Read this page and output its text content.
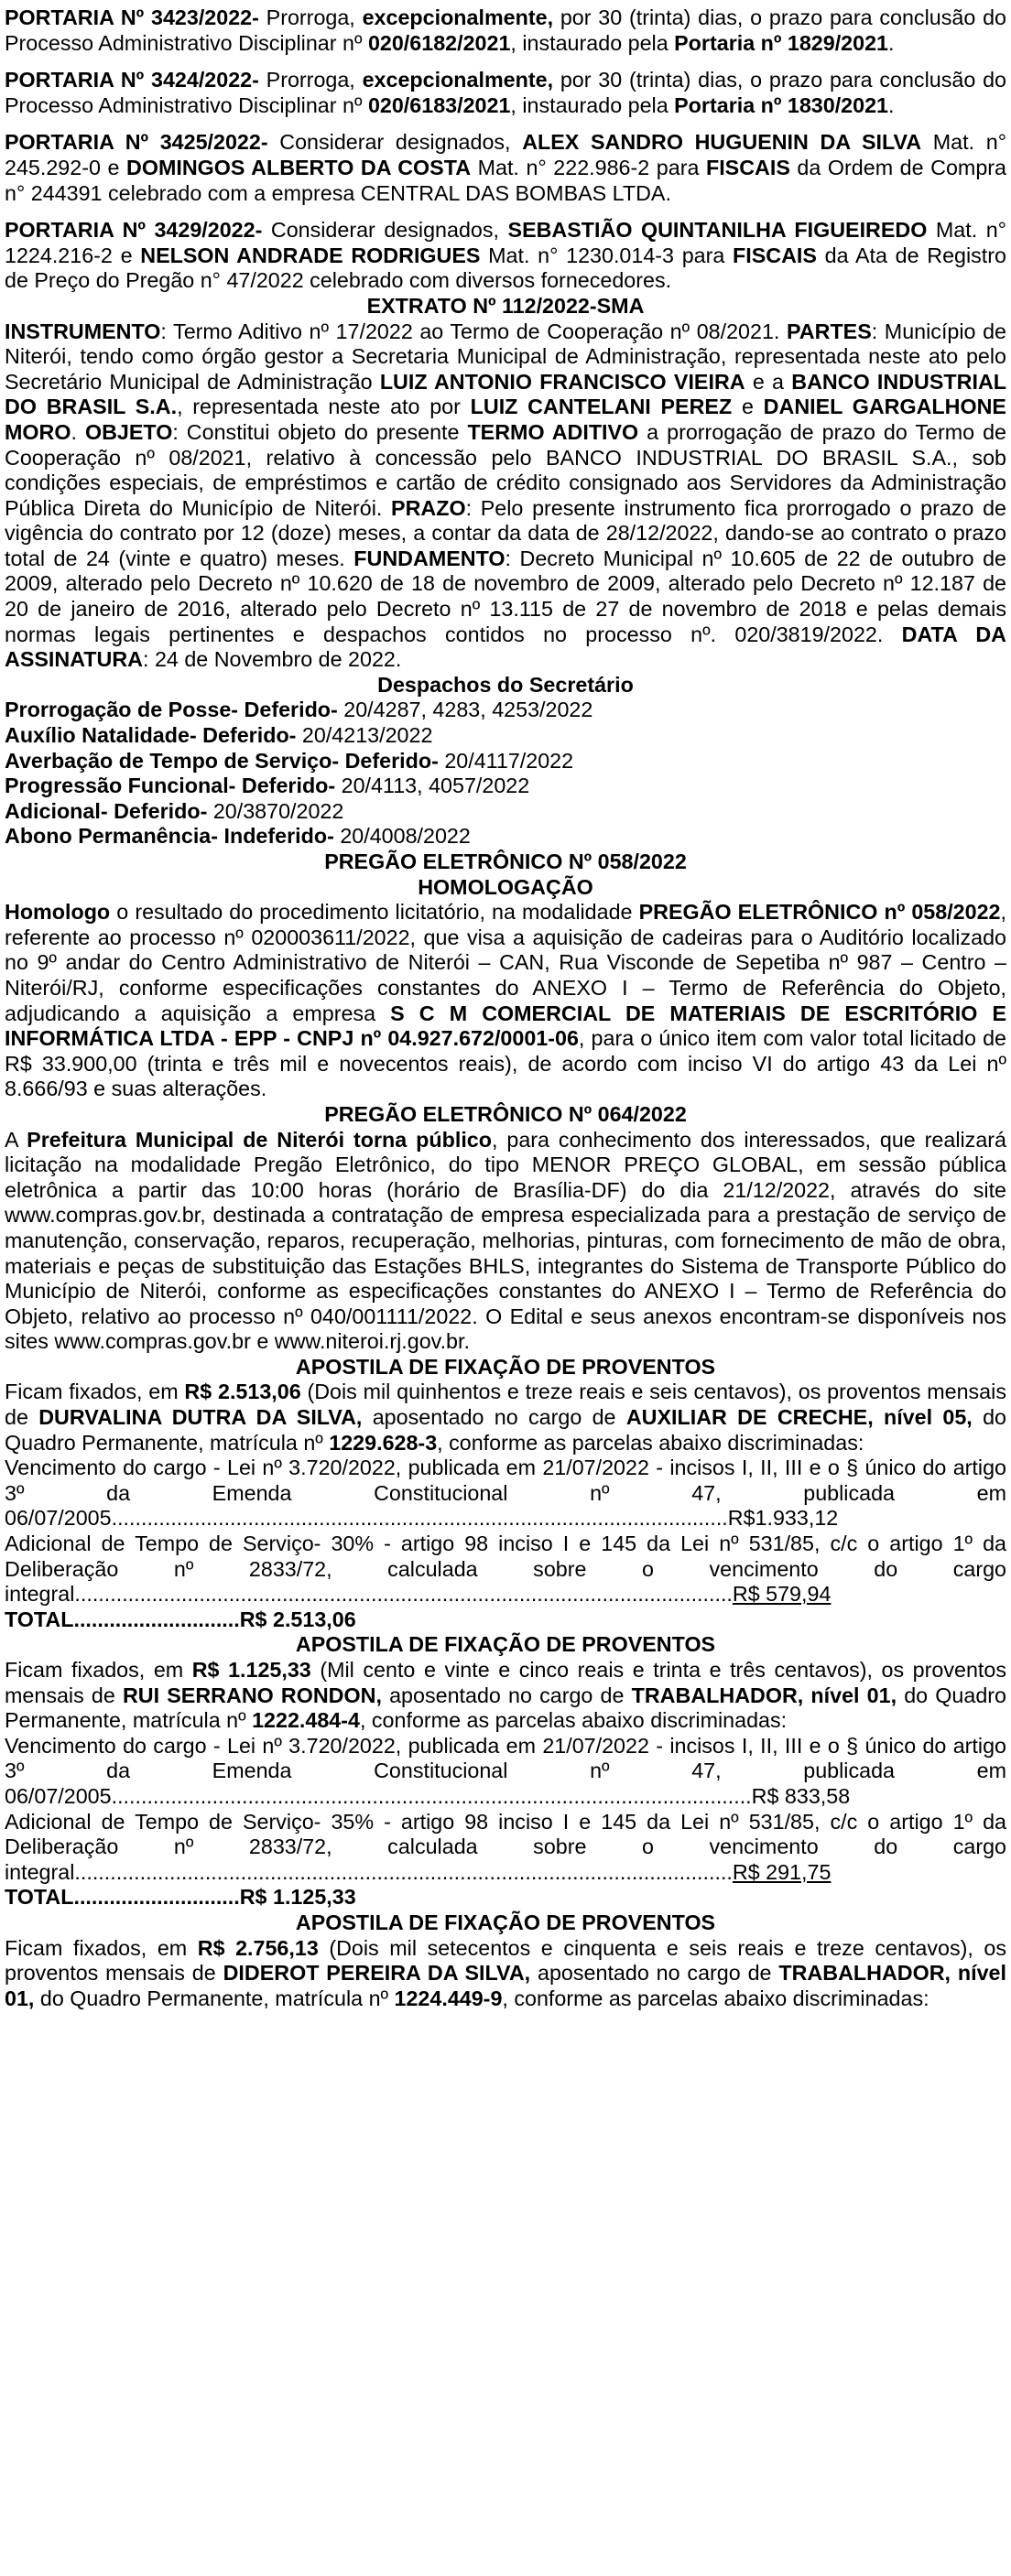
PORTARIA Nº 3423/2022- Prorroga, excepcionalmente, por 30 (trinta) dias, o prazo para conclusão do Processo Administrativo Disciplinar nº 020/6182/2021, instaurado pela Portaria nº 1829/2021.

PORTARIA Nº 3424/2022- Prorroga, excepcionalmente, por 30 (trinta) dias, o prazo para conclusão do Processo Administrativo Disciplinar nº 020/6183/2021, instaurado pela Portaria nº 1830/2021.

PORTARIA Nº 3425/2022- Considerar designados, ALEX SANDRO HUGUENIN DA SILVA Mat. n° 245.292-0 e DOMINGOS ALBERTO DA COSTA Mat. n° 222.986-2 para FISCAIS da Ordem de Compra n° 244391 celebrado com a empresa CENTRAL DAS BOMBAS LTDA.

PORTARIA Nº 3429/2022- Considerar designados, SEBASTIÃO QUINTANILHA FIGUEIREDO Mat. n° 1224.216-2 e NELSON ANDRADE RODRIGUES Mat. n° 1230.014-3 para FISCAIS da Ata de Registro de Preço do Pregão n° 47/2022 celebrado com diversos fornecedores.

EXTRATO Nº 112/2022-SMA

INSTRUMENTO: Termo Aditivo nº 17/2022 ao Termo de Cooperação nº 08/2021. PARTES: Município de Niterói, tendo como órgão gestor a Secretaria Municipal de Administração, representada neste ato pelo Secretário Municipal de Administração LUIZ ANTONIO FRANCISCO VIEIRA e a BANCO INDUSTRIAL DO BRASIL S.A., representada neste ato por LUIZ CANTELANI PEREZ e DANIEL GARGALHONE MORO. OBJETO: Constitui objeto do presente TERMO ADITIVO a prorrogação de prazo do Termo de Cooperação nº 08/2021, relativo à concessão pelo BANCO INDUSTRIAL DO BRASIL S.A., sob condições especiais, de empréstimos e cartão de crédito consignado aos Servidores da Administração Pública Direta do Município de Niterói. PRAZO: Pelo presente instrumento fica prorrogado o prazo de vigência do contrato por 12 (doze) meses, a contar da data de 28/12/2022, dando-se ao contrato o prazo total de 24 (vinte e quatro) meses. FUNDAMENTO: Decreto Municipal nº 10.605 de 22 de outubro de 2009, alterado pelo Decreto nº 10.620 de 18 de novembro de 2009, alterado pelo Decreto nº 12.187 de 20 de janeiro de 2016, alterado pelo Decreto nº 13.115 de 27 de novembro de 2018 e pelas demais normas legais pertinentes e despachos contidos no processo nº. 020/3819/2022. DATA DA ASSINATURA: 24 de Novembro de 2022.

Despachos do Secretário

Prorrogação de Posse- Deferido- 20/4287, 4283, 4253/2022

Auxílio Natalidade- Deferido- 20/4213/2022

Averbação de Tempo de Serviço- Deferido- 20/4117/2022

Progressão Funcional- Deferido- 20/4113, 4057/2022

Adicional- Deferido- 20/3870/2022

Abono Permanência- Indeferido- 20/4008/2022

PREGÃO ELETRÔNICO Nº 058/2022

HOMOLOGAÇÃO

Homologo o resultado do procedimento licitatório, na modalidade PREGÃO ELETRÔNICO nº 058/2022, referente ao processo nº 020003611/2022, que visa a aquisição de cadeiras para o Auditório localizado no 9º andar do Centro Administrativo de Niterói – CAN, Rua Visconde de Sepetiba nº 987 – Centro – Niterói/RJ, conforme especificações constantes do ANEXO I – Termo de Referência do Objeto, adjudicando a aquisição a empresa S C M COMERCIAL DE MATERIAIS DE ESCRITÓRIO E INFORMÁTICA LTDA - EPP - CNPJ nº 04.927.672/0001-06, para o único item com valor total licitado de R$ 33.900,00 (trinta e três mil e novecentos reais), de acordo com inciso VI do artigo 43 da Lei nº 8.666/93 e suas alterações.

PREGÃO ELETRÔNICO Nº 064/2022

A Prefeitura Municipal de Niterói torna público, para conhecimento dos interessados, que realizará licitação na modalidade Pregão Eletrônico, do tipo MENOR PREÇO GLOBAL, em sessão pública eletrônica a partir das 10:00 horas (horário de Brasília-DF) do dia 21/12/2022, através do site www.compras.gov.br, destinada a contratação de empresa especializada para a prestação de serviço de manutenção, conservação, reparos, recuperação, melhorias, pinturas, com fornecimento de mão de obra, materiais e peças de substituição das Estações BHLS, integrantes do Sistema de Transporte Público do Município de Niterói, conforme as especificações constantes do ANEXO I – Termo de Referência do Objeto, relativo ao processo nº 040/001111/2022. O Edital e seus anexos encontram-se disponíveis nos sites www.compras.gov.br e www.niteroi.rj.gov.br.

APOSTILA DE FIXAÇÃO DE PROVENTOS

Ficam fixados, em R$ 2.513,06 (Dois mil quinhentos e treze reais e seis centavos), os proventos mensais de DURVALINA DUTRA DA SILVA, aposentado no cargo de AUXILIAR DE CRECHE, nível 05, do Quadro Permanente, matrícula nº 1229.628-3, conforme as parcelas abaixo discriminadas:

Vencimento do cargo - Lei nº 3.720/2022, publicada em 21/07/2022 - incisos I, II, III e o § único do artigo 3º da Emenda Constitucional nº 47, publicada em 06/07/2005........................................................................................................R$1.933,12

Adicional de Tempo de Serviço- 30% - artigo 98 inciso I e 145 da Lei nº 531/85, c/c o artigo 1º da Deliberação nº 2833/72, calculada sobre o vencimento do cargo integral...............................................................................................................R$ 579,94

TOTAL............................R$ 2.513,06

APOSTILA DE FIXAÇÃO DE PROVENTOS

Ficam fixados, em R$ 1.125,33 (Mil cento e vinte e cinco reais e trinta e três centavos), os proventos mensais de RUI SERRANO RONDON, aposentado no cargo de TRABALHADOR, nível 01, do Quadro Permanente, matrícula nº 1222.484-4, conforme as parcelas abaixo discriminadas:

Vencimento do cargo - Lei nº 3.720/2022, publicada em 21/07/2022 - incisos I, II, III e o § único do artigo 3º da Emenda Constitucional nº 47, publicada em 06/07/2005............................................................................................................R$ 833,58

Adicional de Tempo de Serviço- 35% - artigo 98 inciso I e 145 da Lei nº 531/85, c/c o artigo 1º da Deliberação nº 2833/72, calculada sobre o vencimento do cargo integral...............................................................................................................R$ 291,75

TOTAL............................R$ 1.125,33

APOSTILA DE FIXAÇÃO DE PROVENTOS

Ficam fixados, em R$ 2.756,13 (Dois mil setecentos e cinquenta e seis reais e treze centavos), os proventos mensais de DIDEROT PEREIRA DA SILVA, aposentado no cargo de TRABALHADOR, nível 01, do Quadro Permanente, matrícula nº 1224.449-9, conforme as parcelas abaixo discriminadas:
